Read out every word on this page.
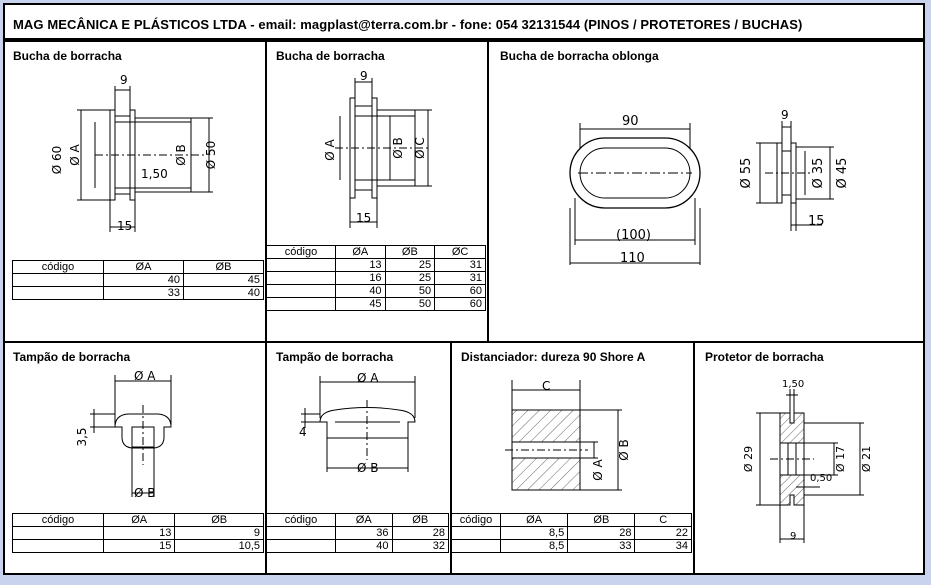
MAG MECÂNICA E PLÁSTICOS LTDA - email: magplast@terra.com.br - fone: 054 32131544 (PINOS / PROTETORES / BUCHAS)
Bucha de borracha
9
Ø 60 Ø A
1,50
Ø B Ø 50
15
código	ØA	ØB
	40	45
	33	40
Bucha de borracha
9
Ø A	Ø B Ø C
15
código	ØA	ØB	ØC
	13	25	31
	16	25	31
	40	50	60
	45	50	60
Bucha de borracha oblonga
90
(100)
110
9
Ø 55	Ø 35 Ø 45
15
Tampão de borracha
Ø A
3,5
Ø B
código	ØA	ØB
	13	9
	15	10,5
Tampão de borracha
Ø A
4
Ø B
código	ØA	ØB
	36	28
	40	32
Distanciador: dureza 90 Shore A
C
Ø A
Ø B
código	ØA	ØB	C
	8,5	28	22
	8,5	33	34
Protetor de borracha
1,50
Ø 29	Ø 17 Ø 21
0,50
9
